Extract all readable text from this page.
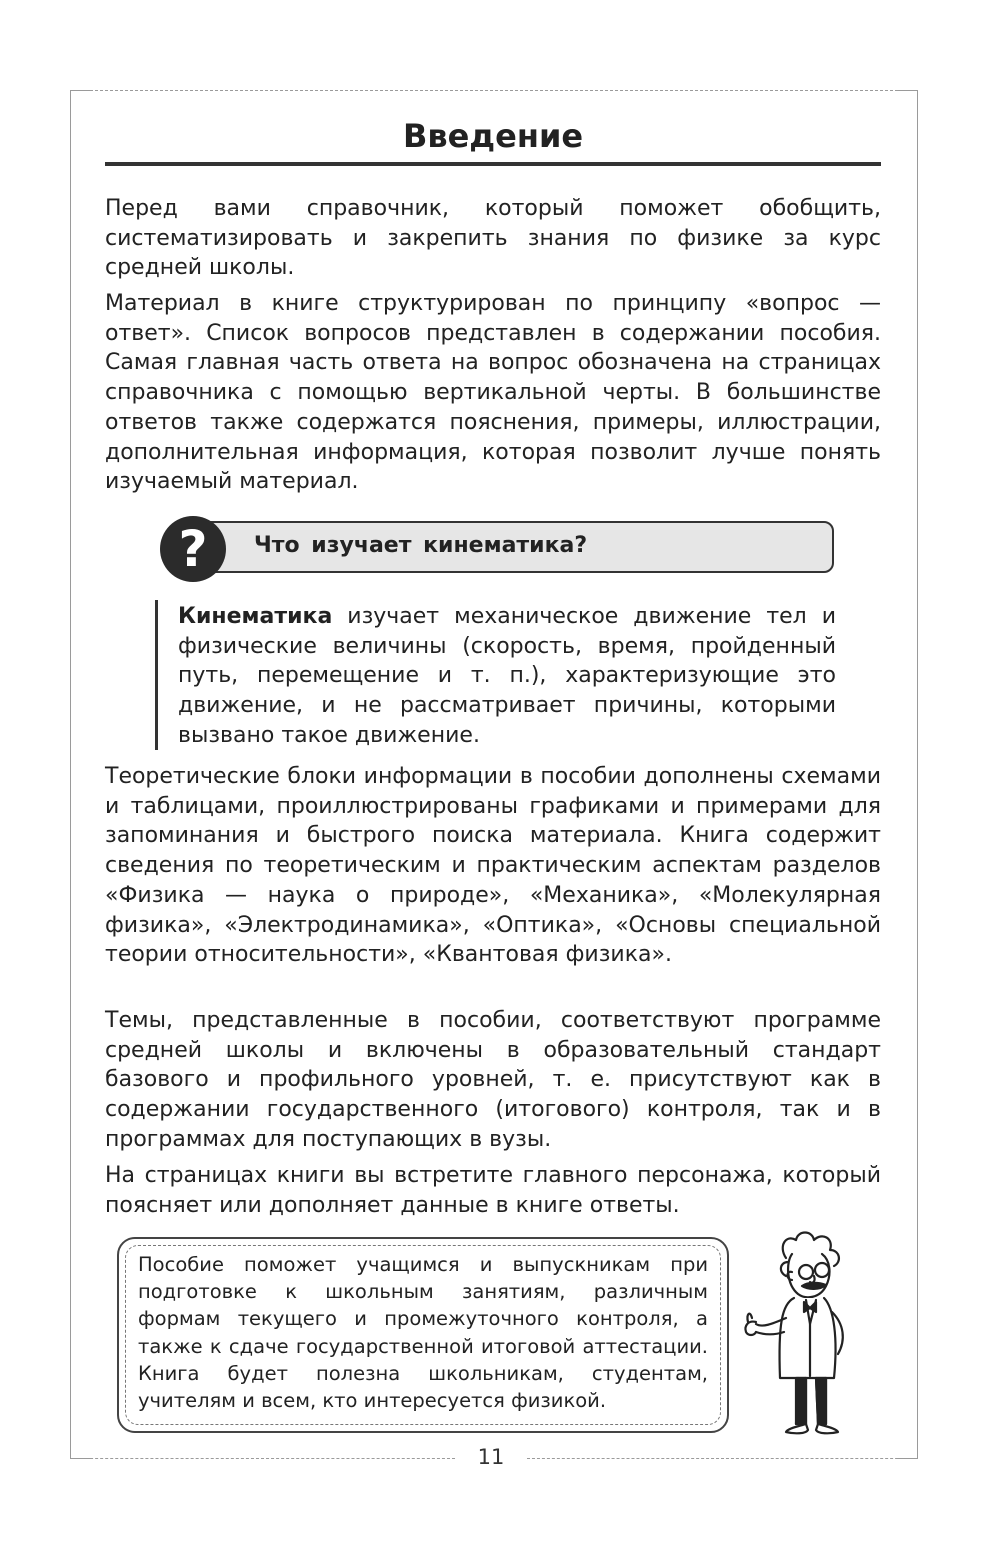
Введение

Перед вами справочник, который поможет обобщить, систематизировать и закрепить знания по физике за курс средней школы.

Материал в книге структурирован по принципу «вопрос — ответ». Список вопросов представлен в содержании пособия. Самая главная часть ответа на вопрос обозначена на страницах справочника с помощью вертикальной черты. В большинстве ответов также содержатся пояснения, примеры, иллюстрации, дополнительная информация, которая позволит лучше понять изучаемый материал.

?	Что изучает кинематика?

Кинематика изучает механическое движение тел и физические величины (скорость, время, пройденный путь, перемещение и т. п.), характеризующие это движение, и не рассматривает причины, которыми вызвано такое движение.

Теоретические блоки информации в пособии дополнены схемами и таблицами, проиллюстрированы графиками и примерами для запоминания и быстрого поиска материала. Книга содержит сведения по теоретическим и практическим аспектам разделов «Физика — наука о природе», «Механика», «Молекулярная физика», «Электродинамика», «Оптика», «Основы специальной теории относительности», «Квантовая физика».

Темы, представленные в пособии, соответствуют программе средней школы и включены в образовательный стандарт базового и профильного уровней, т. е. присутствуют как в содержании государственного (итогового) контроля, так и в программах для поступающих в вузы.

На страницах книги вы встретите главного персонажа, который поясняет или дополняет данные в книге ответы.

Пособие поможет учащимся и выпускникам при подготовке к школьным занятиям, различным формам текущего и промежуточного контроля, а также к сдаче государственной итоговой аттестации. Книга будет полезна школьникам, студентам, учителям и всем, кто интересуется физикой.

11
